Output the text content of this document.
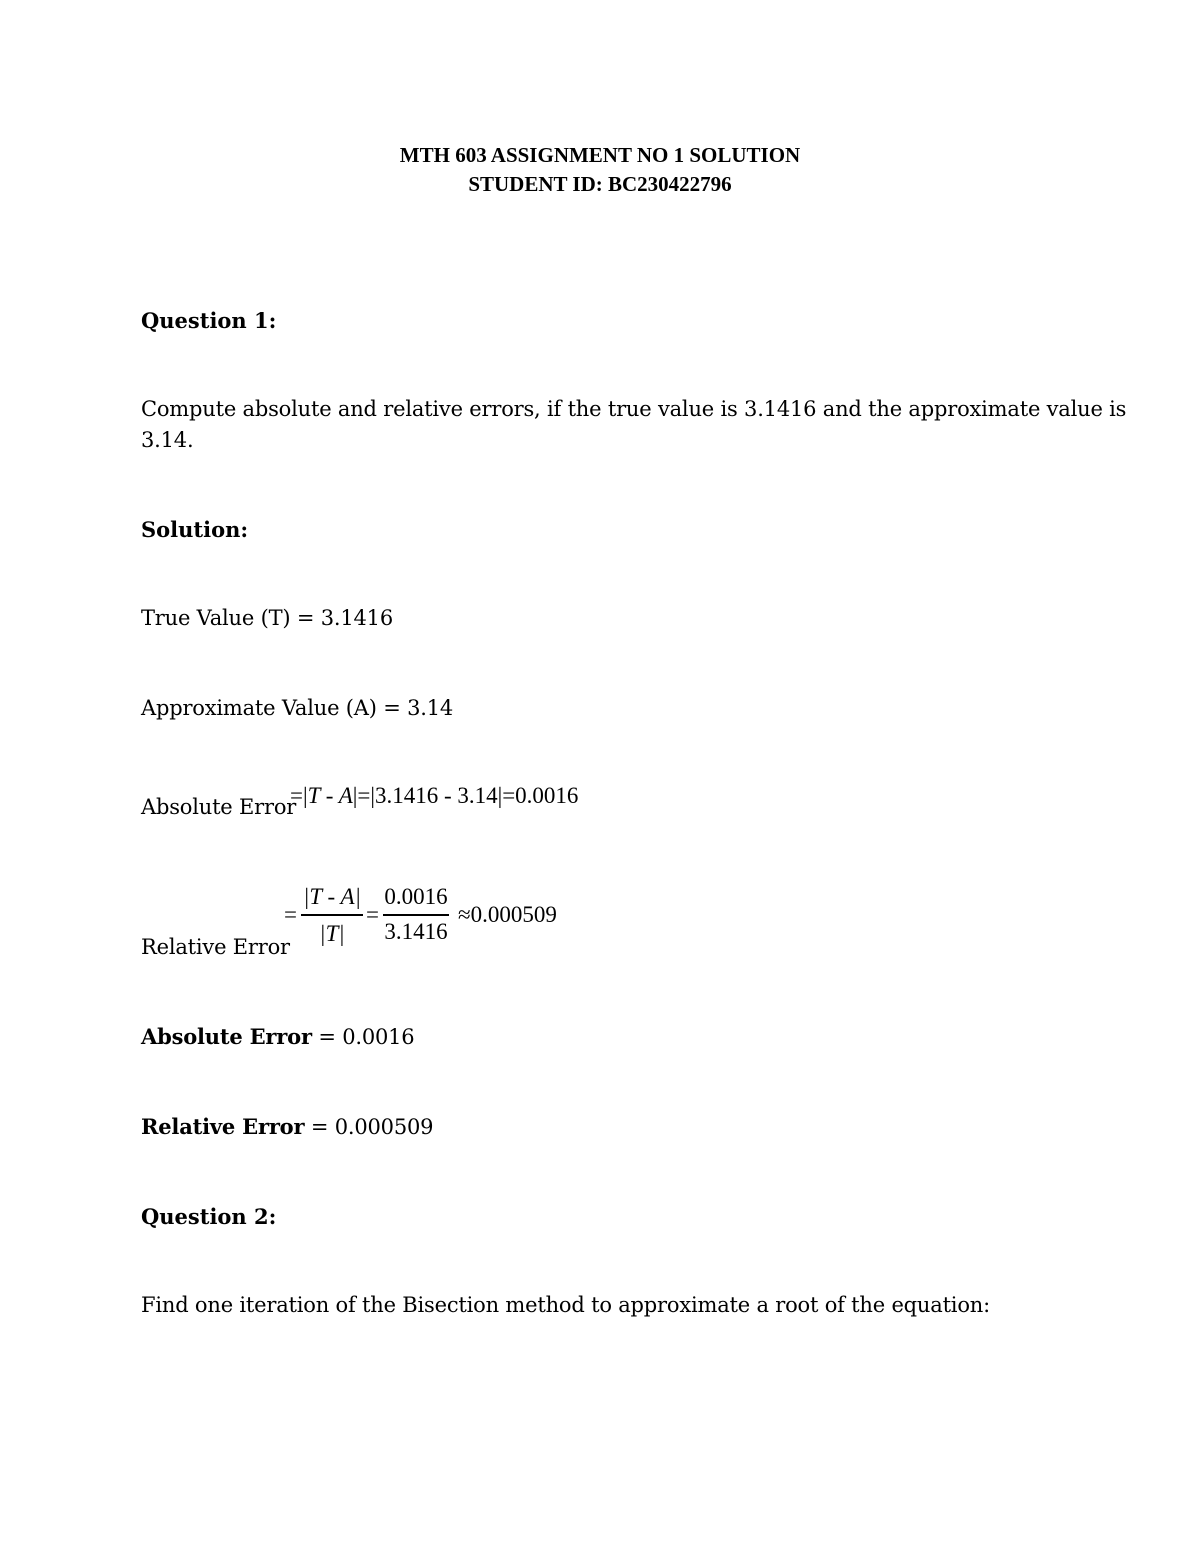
MTH 603 ASSIGNMENT NO 1 SOLUTION
STUDENT ID: BC230422796
Question 1:
Compute absolute and relative errors, if the true value is 3.1416 and the approximate value is
3.14.
Solution:
True Value (T) = 3.1416
Approximate Value (A) = 3.14
Absolute Error
=|T - A|=|3.1416 - 3.14|=0.0016
Relative Error
=
|T - A|
|T|
=
0.0016
3.1416
≈0.000509
Absolute Error = 0.0016
Relative Error = 0.000509
Question 2:
Find one iteration of the Bisection method to approximate a root of the equation:
